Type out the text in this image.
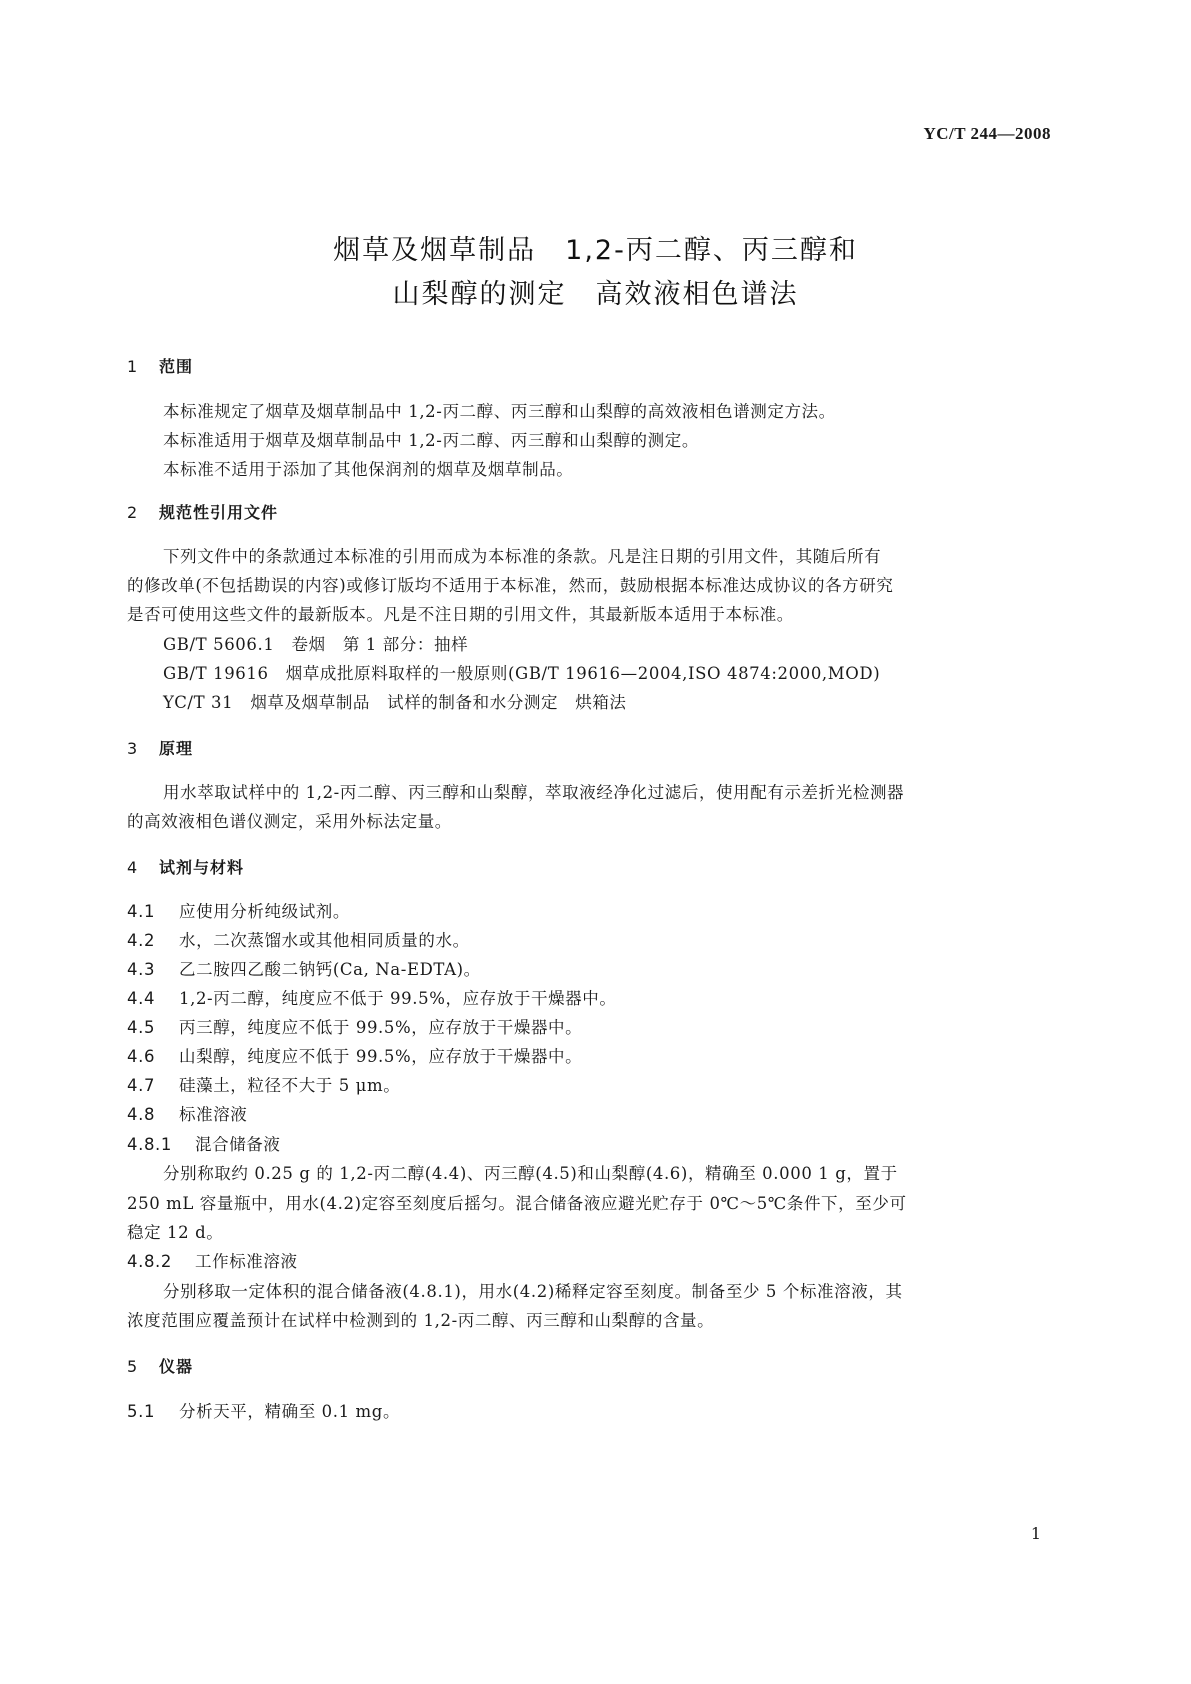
YC/T 244—2008
烟草及烟草制品　1,2-丙二醇、丙三醇和
山梨醇的测定　高效液相色谱法
1 范围
本标准规定了烟草及烟草制品中 1,2-丙二醇、丙三醇和山梨醇的高效液相色谱测定方法。
本标准适用于烟草及烟草制品中 1,2-丙二醇、丙三醇和山梨醇的测定。
本标准不适用于添加了其他保润剂的烟草及烟草制品。
2 规范性引用文件
下列文件中的条款通过本标准的引用而成为本标准的条款。凡是注日期的引用文件，其随后所有
的修改单(不包括勘误的内容)或修订版均不适用于本标准，然而，鼓励根据本标准达成协议的各方研究
是否可使用这些文件的最新版本。凡是不注日期的引用文件，其最新版本适用于本标准。
GB/T 5606.1　卷烟　第 1 部分：抽样
GB/T 19616　烟草成批原料取样的一般原则(GB/T 19616—2004,ISO 4874:2000,MOD)
YC/T 31　烟草及烟草制品　试样的制备和水分测定　烘箱法
3 原理
用水萃取试样中的 1,2-丙二醇、丙三醇和山梨醇，萃取液经净化过滤后，使用配有示差折光检测器
的高效液相色谱仪测定，采用外标法定量。
4 试剂与材料
4.1 应使用分析纯级试剂。
4.2 水，二次蒸馏水或其他相同质量的水。
4.3 乙二胺四乙酸二钠钙(Ca, Na-EDTA)。
4.4 1,2-丙二醇，纯度应不低于 99.5%，应存放于干燥器中。
4.5 丙三醇，纯度应不低于 99.5%，应存放于干燥器中。
4.6 山梨醇，纯度应不低于 99.5%，应存放于干燥器中。
4.7 硅藻土，粒径不大于 5 μm。
4.8 标准溶液
4.8.1 混合储备液
分别称取约 0.25 g 的 1,2-丙二醇(4.4)、丙三醇(4.5)和山梨醇(4.6)，精确至 0.000 1 g，置于
250 mL 容量瓶中，用水(4.2)定容至刻度后摇匀。混合储备液应避光贮存于 0℃～5℃条件下，至少可
稳定 12 d。
4.8.2 工作标准溶液
分别移取一定体积的混合储备液(4.8.1)，用水(4.2)稀释定容至刻度。制备至少 5 个标准溶液，其
浓度范围应覆盖预计在试样中检测到的 1,2-丙二醇、丙三醇和山梨醇的含量。
5 仪器
5.1 分析天平，精确至 0.1 mg。
1
